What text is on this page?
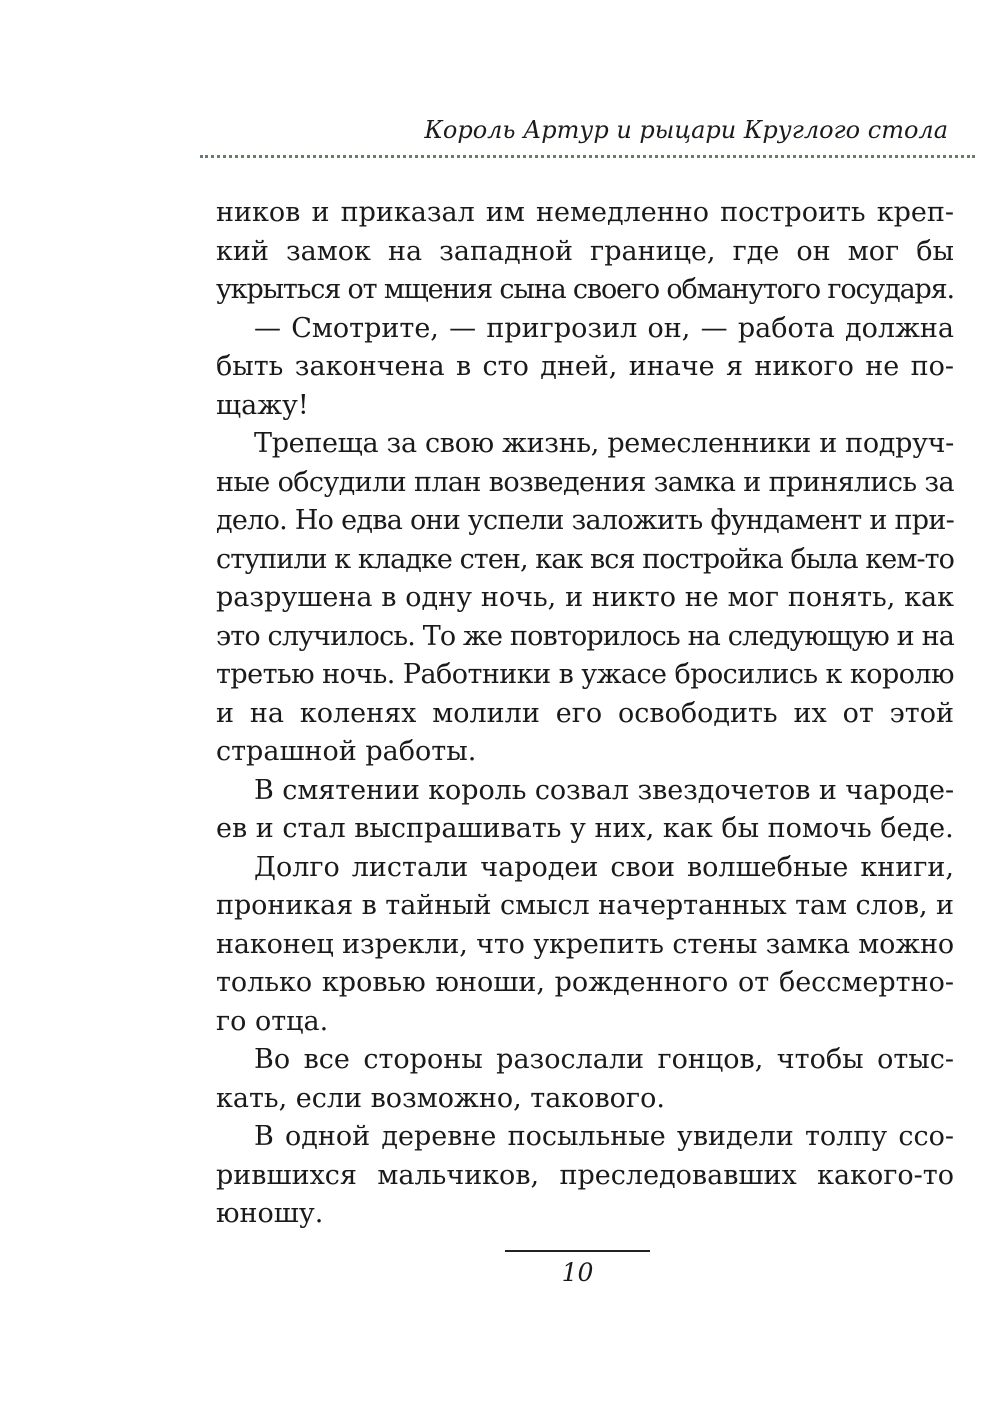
Король Артур и рыцари Круглого стола
ников и приказал им немедленно построить креп-
кий замок на западной границе, где он мог бы
укрыться от мщения сына своего обманутого государя.
— Смотрите, — пригрозил он, — работа должна
быть закончена в сто дней, иначе я никого не по-
щажу!
Трепеща за свою жизнь, ремесленники и подруч-
ные обсудили план возведения замка и принялись за
дело. Но едва они успели заложить фундамент и при-
ступили к кладке стен, как вся постройка была кем-то
разрушена в одну ночь, и никто не мог понять, как
это случилось. То же повторилось на следующую и на
третью ночь. Работники в ужасе бросились к королю
и на коленях молили его освободить их от этой
страшной работы.
В смятении король созвал звездочетов и чароде-
ев и стал выспрашивать у них, как бы помочь беде.
Долго листали чародеи свои волшебные книги,
проникая в тайный смысл начертанных там слов, и
наконец изрекли, что укрепить стены замка можно
только кровью юноши, рожденного от бессмертно-
го отца.
Во все стороны разослали гонцов, чтобы отыс-
кать, если возможно, такового.
В одной деревне посыльные увидели толпу ссо-
рившихся мальчиков, преследовавших какого-то
юношу.
10
